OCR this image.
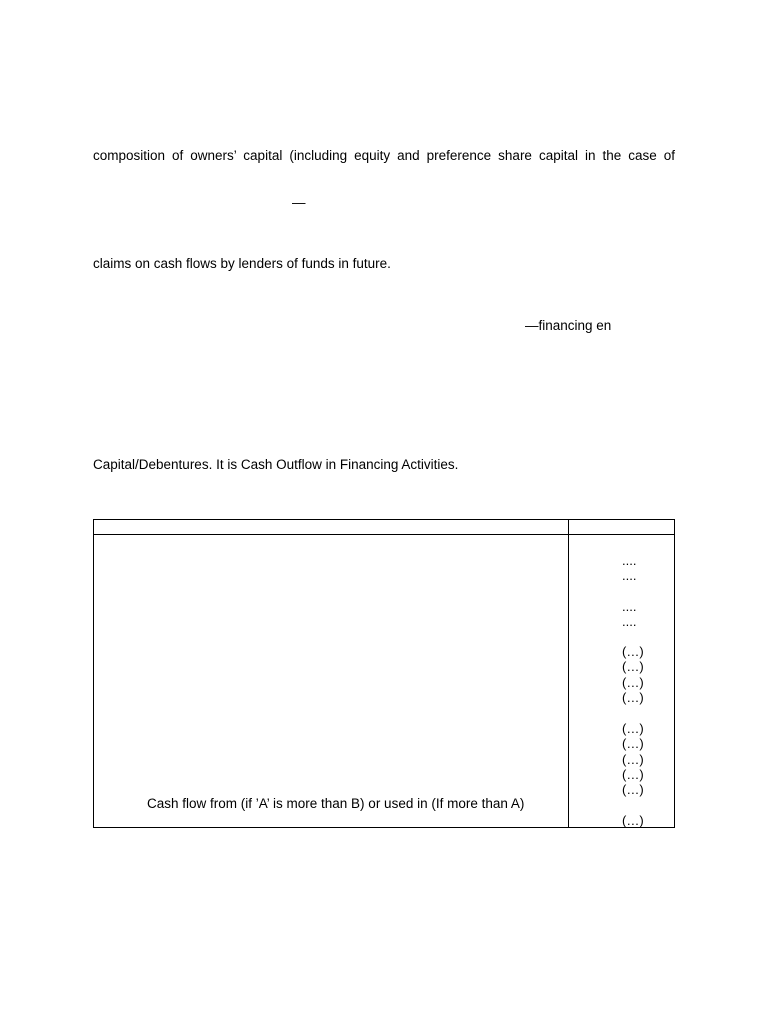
composition of owners’ capital (including equity and preference share capital in the case of
—
claims on cash flows by lenders of funds in future.
—financing en
Capital/Debentures. It is Cash Outflow in Financing Activities.
....
....
....
....
(…)
(…)
(…)
(…)
(…)
(…)
(…)
(…)
(…)
(…)
Cash flow from (if ’A’ is more than B) or used in (If more than A)
